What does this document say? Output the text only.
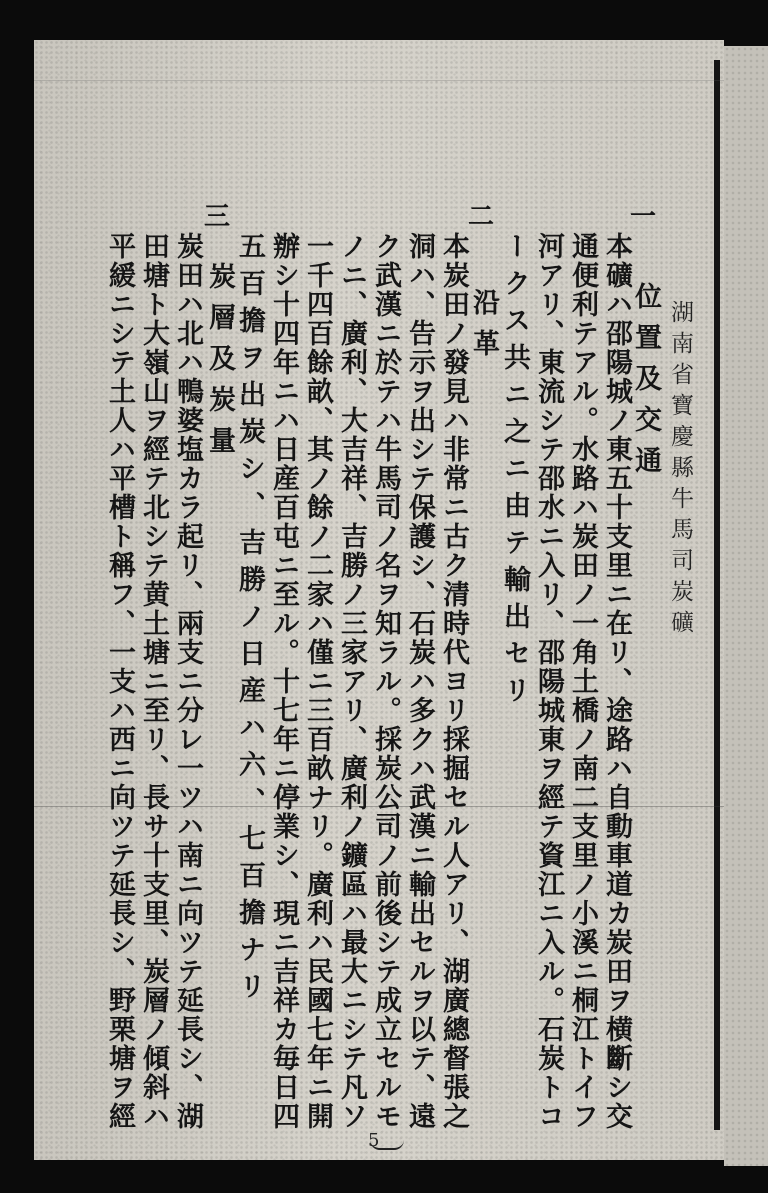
湖南省寶慶縣牛馬司炭礦
一
位置及交通
本礦ハ邵陽城ノ東五十支里ニ在リ、途路ハ自動車道カ炭田ヲ横斷シ交
通便利テアル。水路ハ炭田ノ一角土橋ノ南二支里ノ小溪ニ桐江トイフ
河アリ、東流シテ邵水ニ入リ、邵陽城東ヲ經テ資江ニ入ル。石炭トコ
ークス共ニ之ニ由テ輸出セリ
二
沿革
本炭田ノ發見ハ非常ニ古ク清時代ヨリ採掘セル人アリ、湖廣總督張之
洞ハ、告示ヲ出シテ保護シ、石炭ハ多クハ武漢ニ輸出セルヲ以テ、遠
ク武漢ニ於テハ牛馬司ノ名ヲ知ラル。採炭公司ノ前後シテ成立セルモ
ノニ、廣利、大吉祥、吉勝ノ三家アリ、廣利ノ鑛區ハ最大ニシテ凡ソ
一千四百餘畝、其ノ餘ノ二家ハ僅ニ三百畝ナリ。廣利ハ民國七年ニ開
辦シ十四年ニハ日産百屯ニ至ル。十七年ニ停業シ、現ニ吉祥カ毎日四
五百擔ヲ出炭シ、吉勝ノ日産ハ六、七百擔ナリ
三
炭層及炭量
炭田ハ北ハ鴨婆塩カラ起リ、兩支ニ分レ一ツハ南ニ向ツテ延長シ、湖
田塘ト大嶺山ヲ經テ北シテ黄土塘ニ至リ、長サ十支里、炭層ノ傾斜ハ
平緩ニシテ土人ハ平槽ト稱フ、一支ハ西ニ向ツテ延長シ、野栗塘ヲ經
5
